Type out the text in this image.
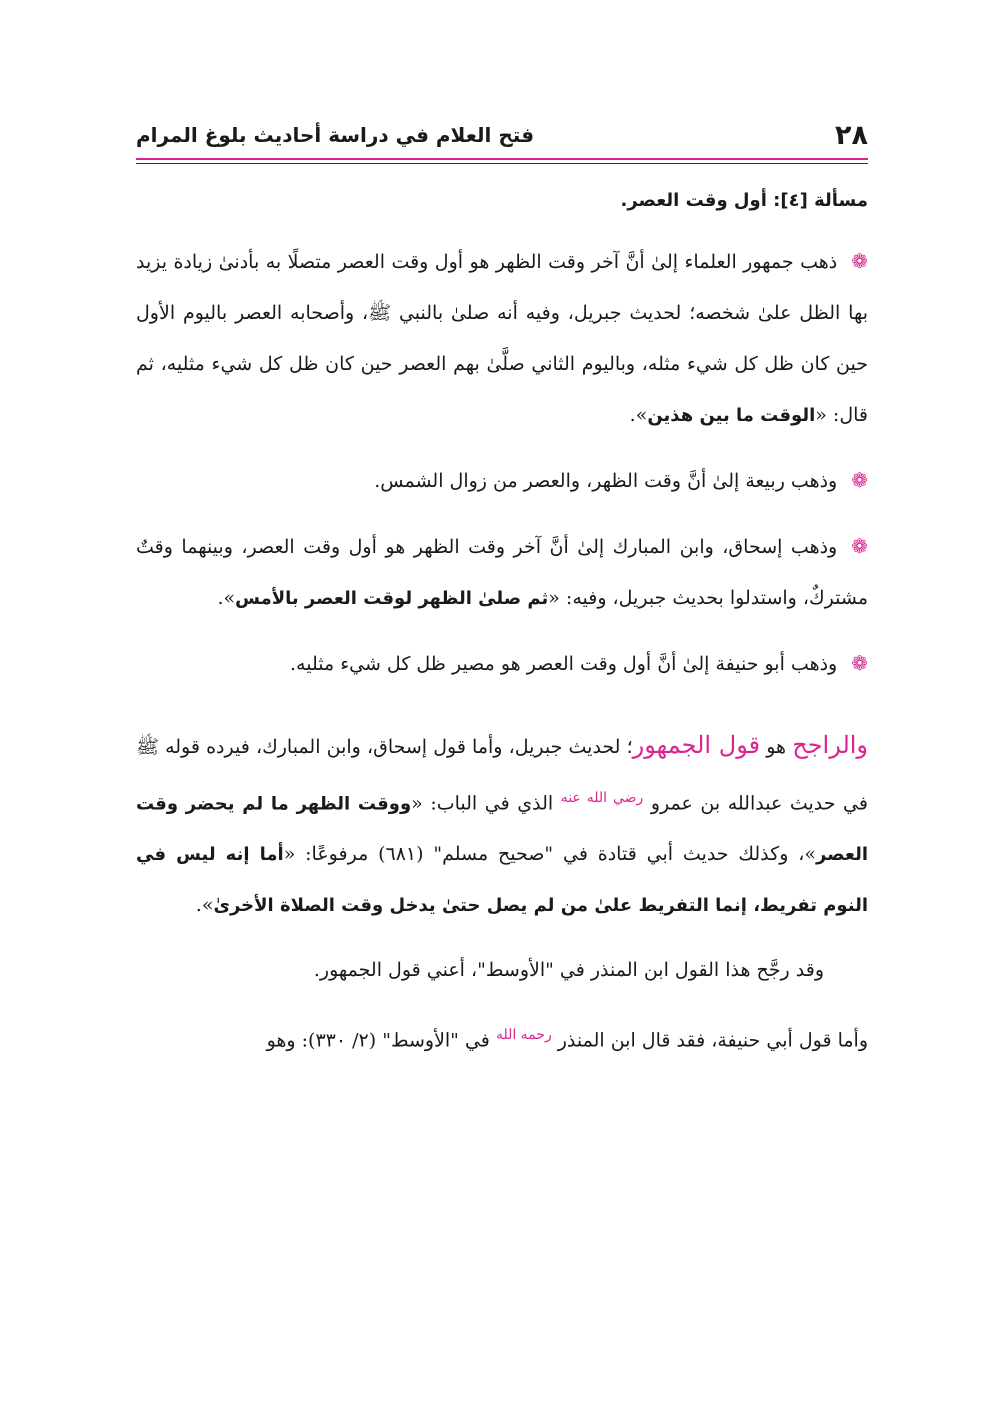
٢٨
فتح العلام في دراسة أحاديث بلوغ المرام
مسألة [٤]: أول وقت العصر.

❁ذهب جمهور العلماء إلىٰ أنَّ آخر وقت الظهر هو أول وقت العصر متصلًا به بأدنىٰ زيادة يزيد بها الظل علىٰ شخصه؛ لحديث جبريل، وفيه أنه صلىٰ بالنبي ﷺ، وأصحابه العصر باليوم الأول حين كان ظل كل شيء مثله، وباليوم الثاني صلَّىٰ بهم العصر حين كان ظل كل شيء مثليه، ثم قال: «الوقت ما بين هذين».

❁وذهب ربيعة إلىٰ أنَّ وقت الظهر، والعصر من زوال الشمس.

❁وذهب إسحاق، وابن المبارك إلىٰ أنَّ آخر وقت الظهر هو أول وقت العصر، وبينهما وقتٌ مشتركٌ، واستدلوا بحديث جبريل، وفيه: «ثم صلىٰ الظهر لوقت العصر بالأمس».

❁وذهب أبو حنيفة إلىٰ أنَّ أول وقت العصر هو مصير ظل كل شيء مثليه.

والراجح هو قول الجمهور؛ لحديث جبريل، وأما قول إسحاق، وابن المبارك، فيرده قوله ﷺ في حديث عبدالله بن عمرو $^{رضي الله عنه}$ الذي في الباب: «ووقت الظهر ما لم يحضر وقت العصر»، وكذلك حديث أبي قتادة في "صحيح مسلم" (٦٨١) مرفوعًا: «أما إنه ليس في النوم تفريط، إنما التفريط علىٰ من لم يصل حتىٰ يدخل وقت الصلاة الأخرىٰ».

وقد رجَّح هذا القول ابن المنذر في "الأوسط"، أعني قول الجمهور.

وأما قول أبي حنيفة، فقد قال ابن المنذر $^{رحمه الله}$ في "الأوسط" (٢/ ٣٣٠): وهو
